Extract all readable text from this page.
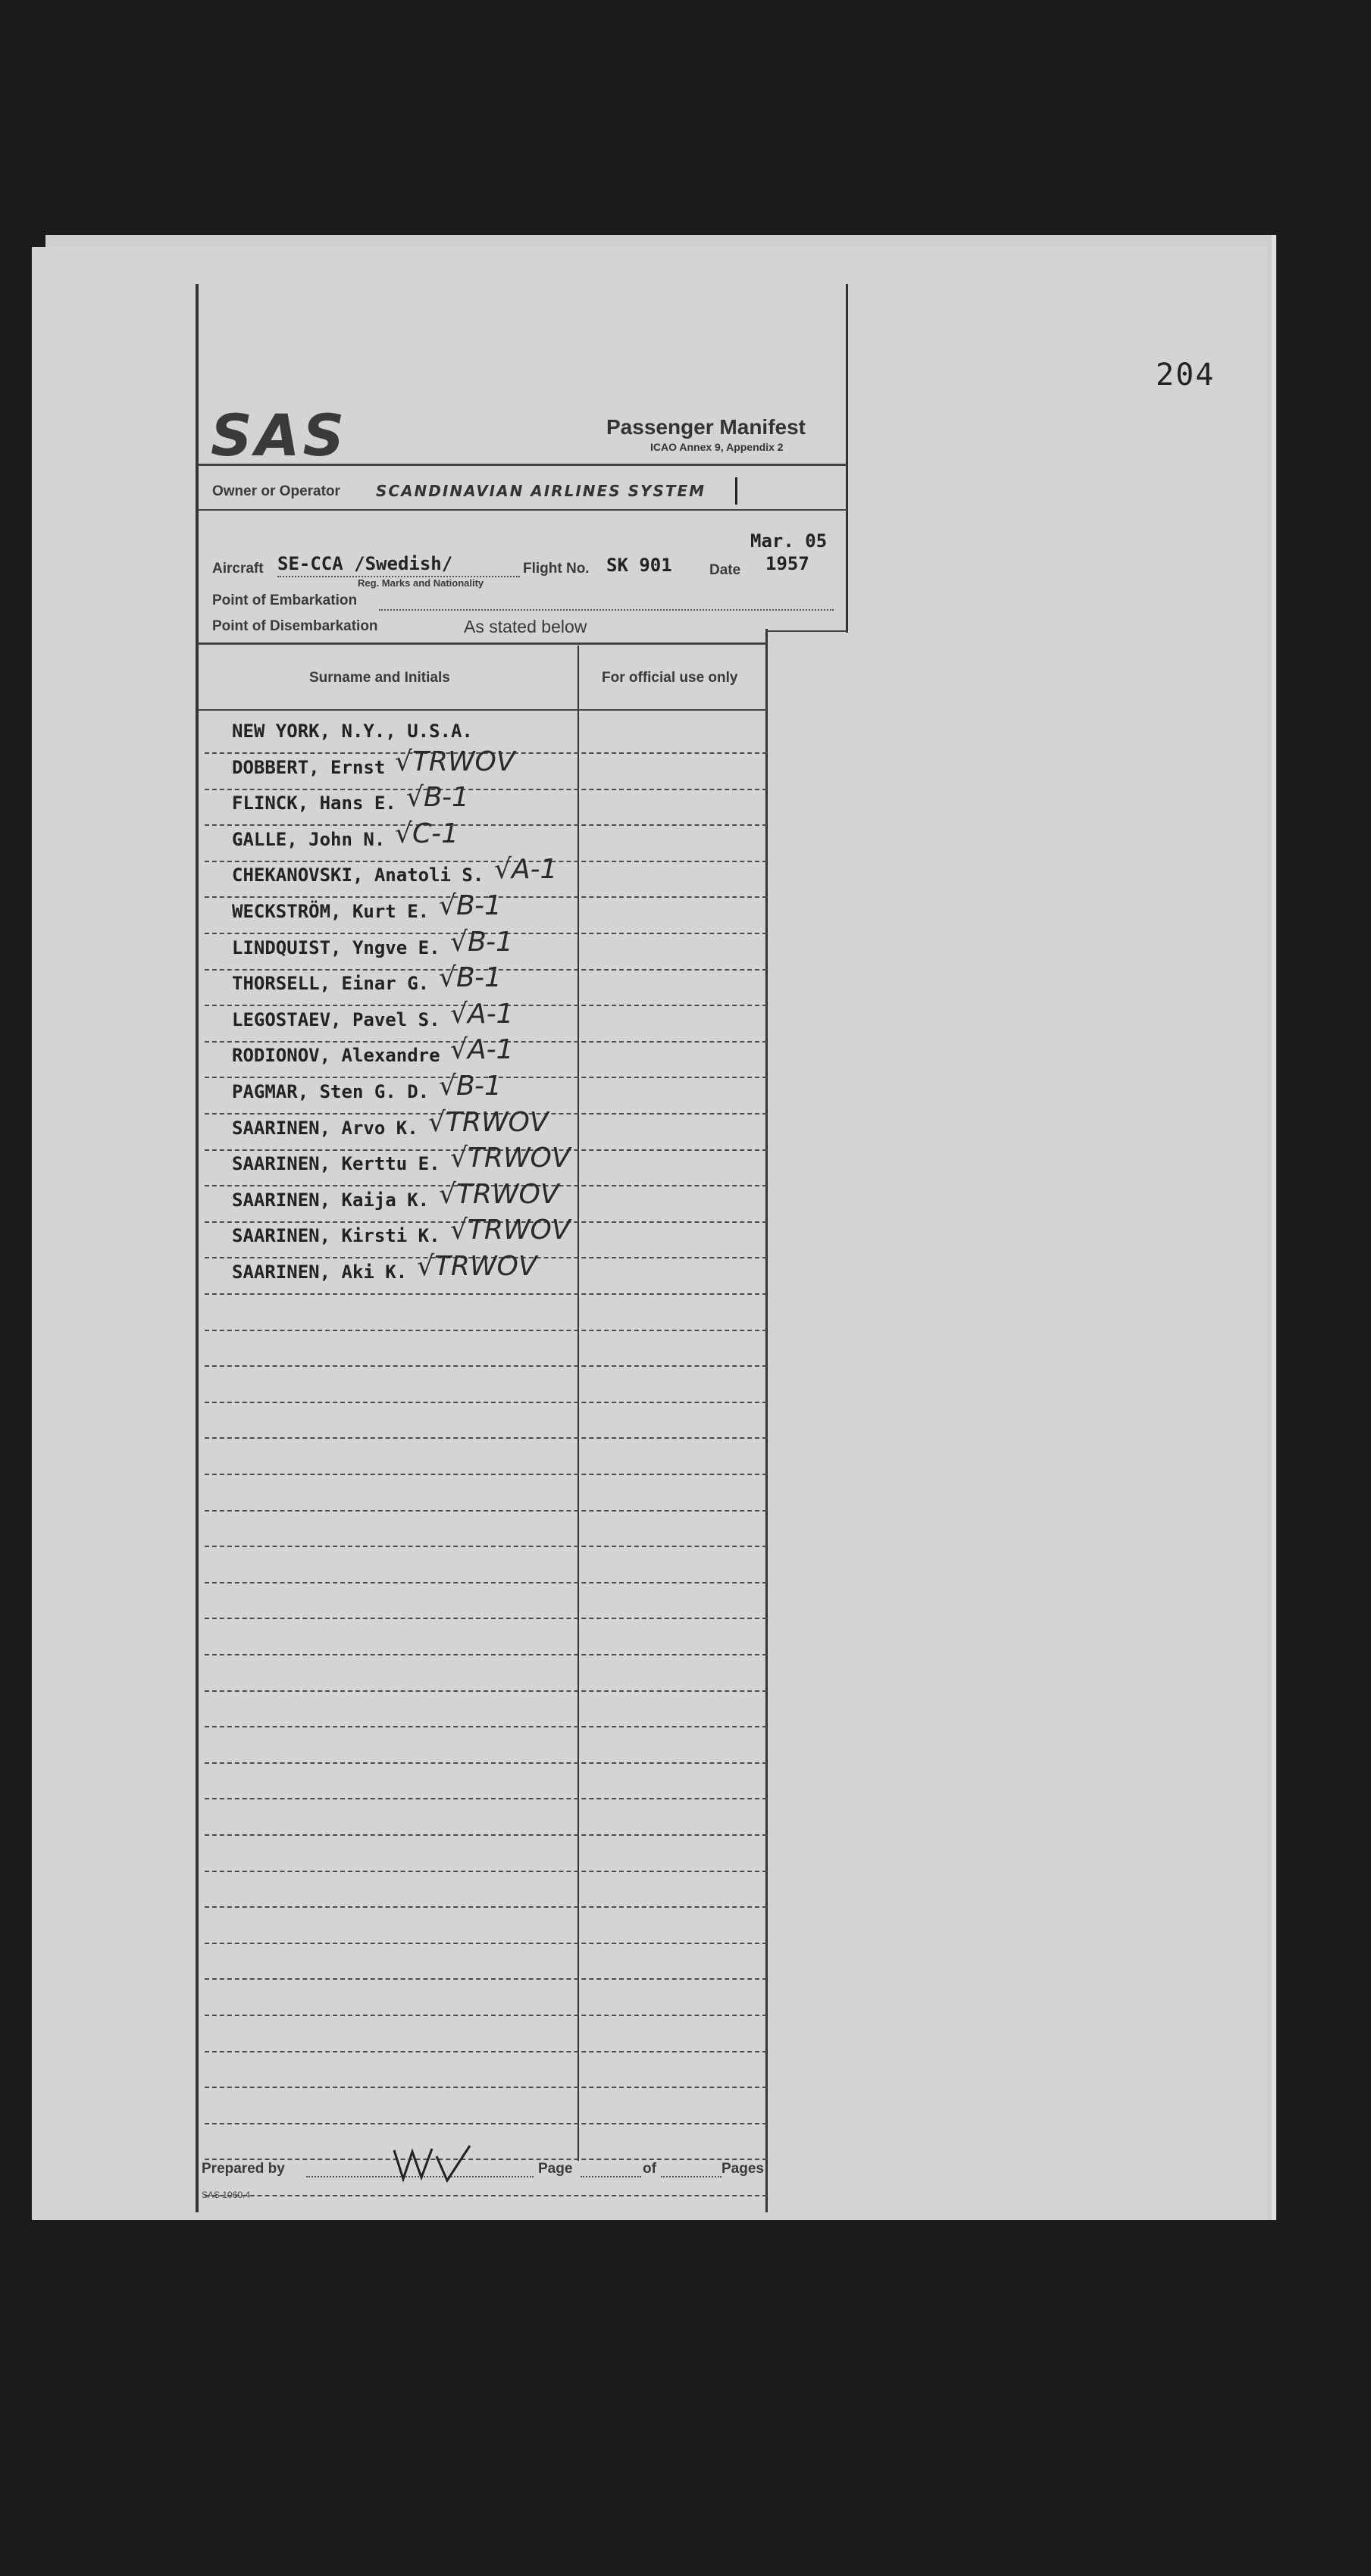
204
SAS	Passenger Manifest
ICAO Annex 9, Appendix 2
Owner or Operator SCANDINAVIAN AIRLINES SYSTEM
Mar. 05
Aircraft SE-CCA /Swedish/
Reg. Marks and Nationality
Flight No. SK 901	Date 1957
Point of Embarkation
Point of Disembarkation	As stated below
Surname and Initials	For official use only
NEW YORK, N.Y., U.S.A.
DOBBERT, Ernst √TRWOV
FLINCK, Hans E. √B-1
GALLE, John N. √C-1
CHEKANOVSKI, Anatoli S. √A-1
WECKSTRÖM, Kurt E. √B-1
LINDQUIST, Yngve E. √B-1
THORSELL, Einar G. √B-1
LEGOSTAEV, Pavel S. √A-1
RODIONOV, Alexandre √A-1
PAGMAR, Sten G. D. √B-1
SAARINEN, Arvo K. √TRWOV
SAARINEN, Kerttu E. √TRWOV
SAARINEN, Kaija K. √TRWOV
SAARINEN, Kirsti K. √TRWOV
SAARINEN, Aki K. √TRWOV
Prepared by	Page	of	Pages
SAS 1060.4
